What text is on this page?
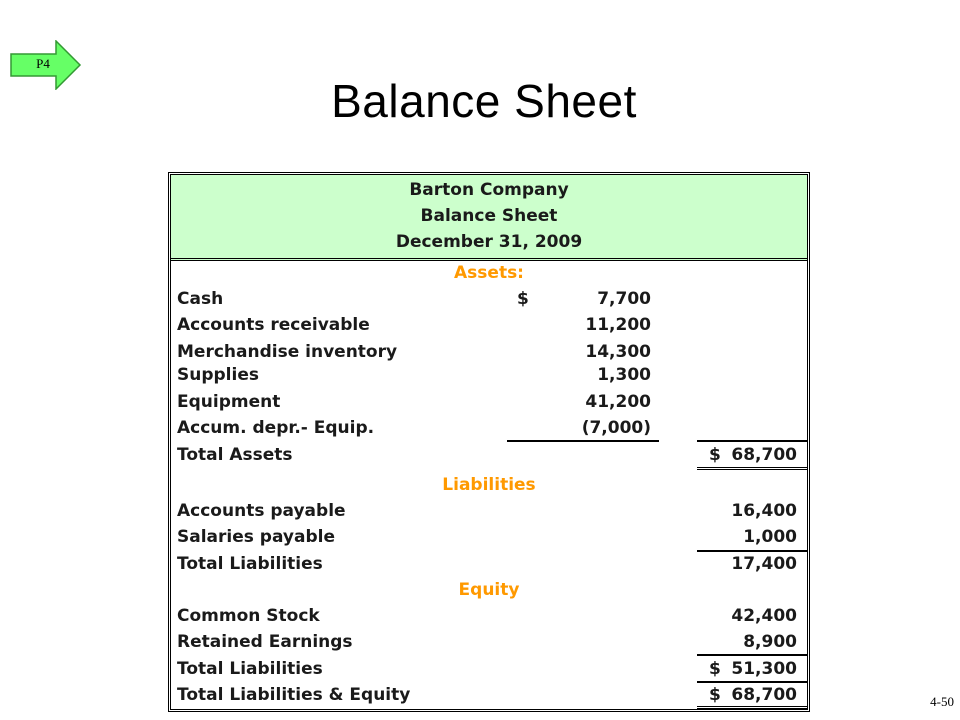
P4
Balance Sheet
Barton Company
Balance Sheet
December 31, 2009
Assets:
Cash	$	7,700
Accounts receivable	11,200
Merchandise inventory	14,300
Supplies	1,300
Equipment	41,200
Accum. depr.- Equip.	(7,000)
Total Assets	$ 68,700
Liabilities
Accounts payable	16,400
Salaries payable	1,000
Total Liabilities	17,400
Equity
Common Stock	42,400
Retained Earnings	8,900
Total Liabilities	$ 51,300
Total Liabilities & Equity	$ 68,700	4-50
